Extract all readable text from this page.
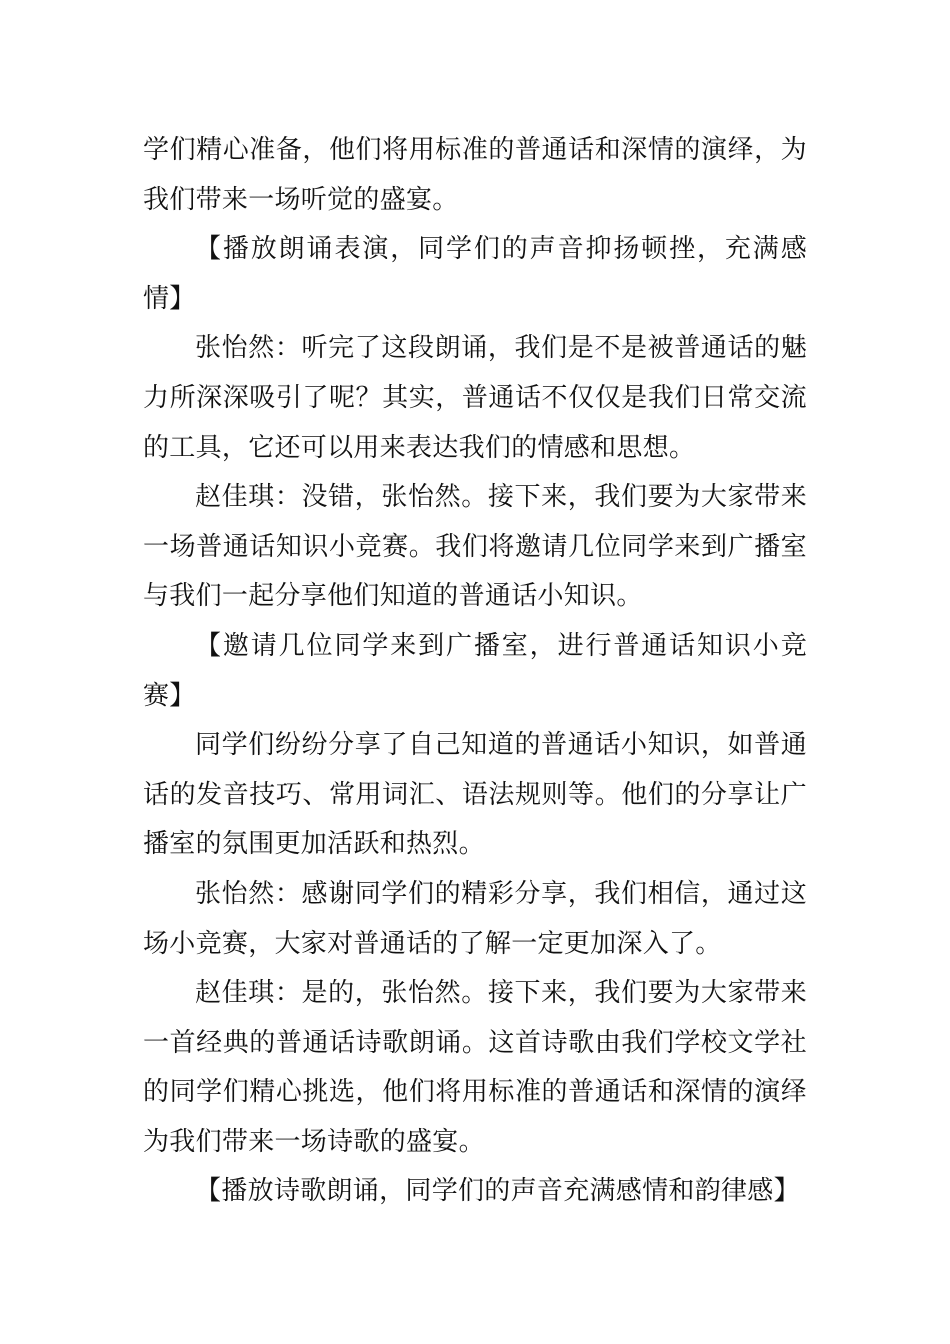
学们精心准备，他们将用标准的普通话和深情的演绎，为我们带来一场听觉的盛宴。

【播放朗诵表演，同学们的声音抑扬顿挫，充满感情】

张怡然：听完了这段朗诵，我们是不是被普通话的魅力所深深吸引了呢？其实，普通话不仅仅是我们日常交流的工具，它还可以用来表达我们的情感和思想。

赵佳琪：没错，张怡然。接下来，我们要为大家带来一场普通话知识小竞赛。我们将邀请几位同学来到广播室与我们一起分享他们知道的普通话小知识。

【邀请几位同学来到广播室，进行普通话知识小竞赛】

同学们纷纷分享了自己知道的普通话小知识，如普通话的发音技巧、常用词汇、语法规则等。他们的分享让广播室的氛围更加活跃和热烈。

张怡然：感谢同学们的精彩分享，我们相信，通过这场小竞赛，大家对普通话的了解一定更加深入了。

赵佳琪：是的，张怡然。接下来，我们要为大家带来一首经典的普通话诗歌朗诵。这首诗歌由我们学校文学社的同学们精心挑选，他们将用标准的普通话和深情的演绎为我们带来一场诗歌的盛宴。

【播放诗歌朗诵，同学们的声音充满感情和韵律感】
